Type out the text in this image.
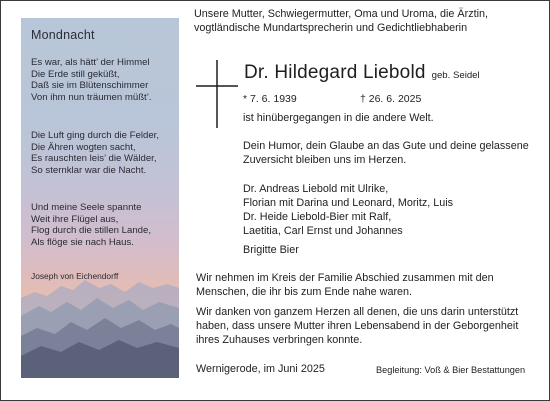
Mondnacht
Es war, als hätt’ der Himmel
Die Erde still geküßt,
Daß sie im Blütenschimmer
Von ihm nun träumen müßt’.
Die Luft ging durch die Felder,
Die Ähren wogten sacht,
Es rauschten leis’ die Wälder,
So sternklar war die Nacht.
Und meine Seele spannte
Weit ihre Flügel aus,
Flog durch die stillen Lande,
Als flöge sie nach Haus.
Joseph von Eichendorff
Unsere Mutter, Schwiegermutter, Oma und Uroma, die Ärztin,
vogtländische Mundartsprecherin und Gedichtliebhaberin
Dr. Hildegard Liebold geb. Seidel
* 7. 6. 1939	† 26. 6. 2025
ist hinübergegangen in die andere Welt.
Dein Humor, dein Glaube an das Gute und deine gelassene
Zuversicht bleiben uns im Herzen.
Dr. Andreas Liebold mit Ulrike,
Florian mit Darina und Leonard, Moritz, Luis
Dr. Heide Liebold-Bier mit Ralf,
Laetitia, Carl Ernst und Johannes
Brigitte Bier
Wir nehmen im Kreis der Familie Abschied zusammen mit den
Menschen, die ihr bis zum Ende nahe waren.
Wir danken von ganzem Herzen all denen, die uns darin unterstützt
haben, dass unsere Mutter ihren Lebensabend in der Geborgenheit
ihres Zuhauses verbringen konnte.
Wernigerode, im Juni 2025	Begleitung: Voß & Bier Bestattungen
